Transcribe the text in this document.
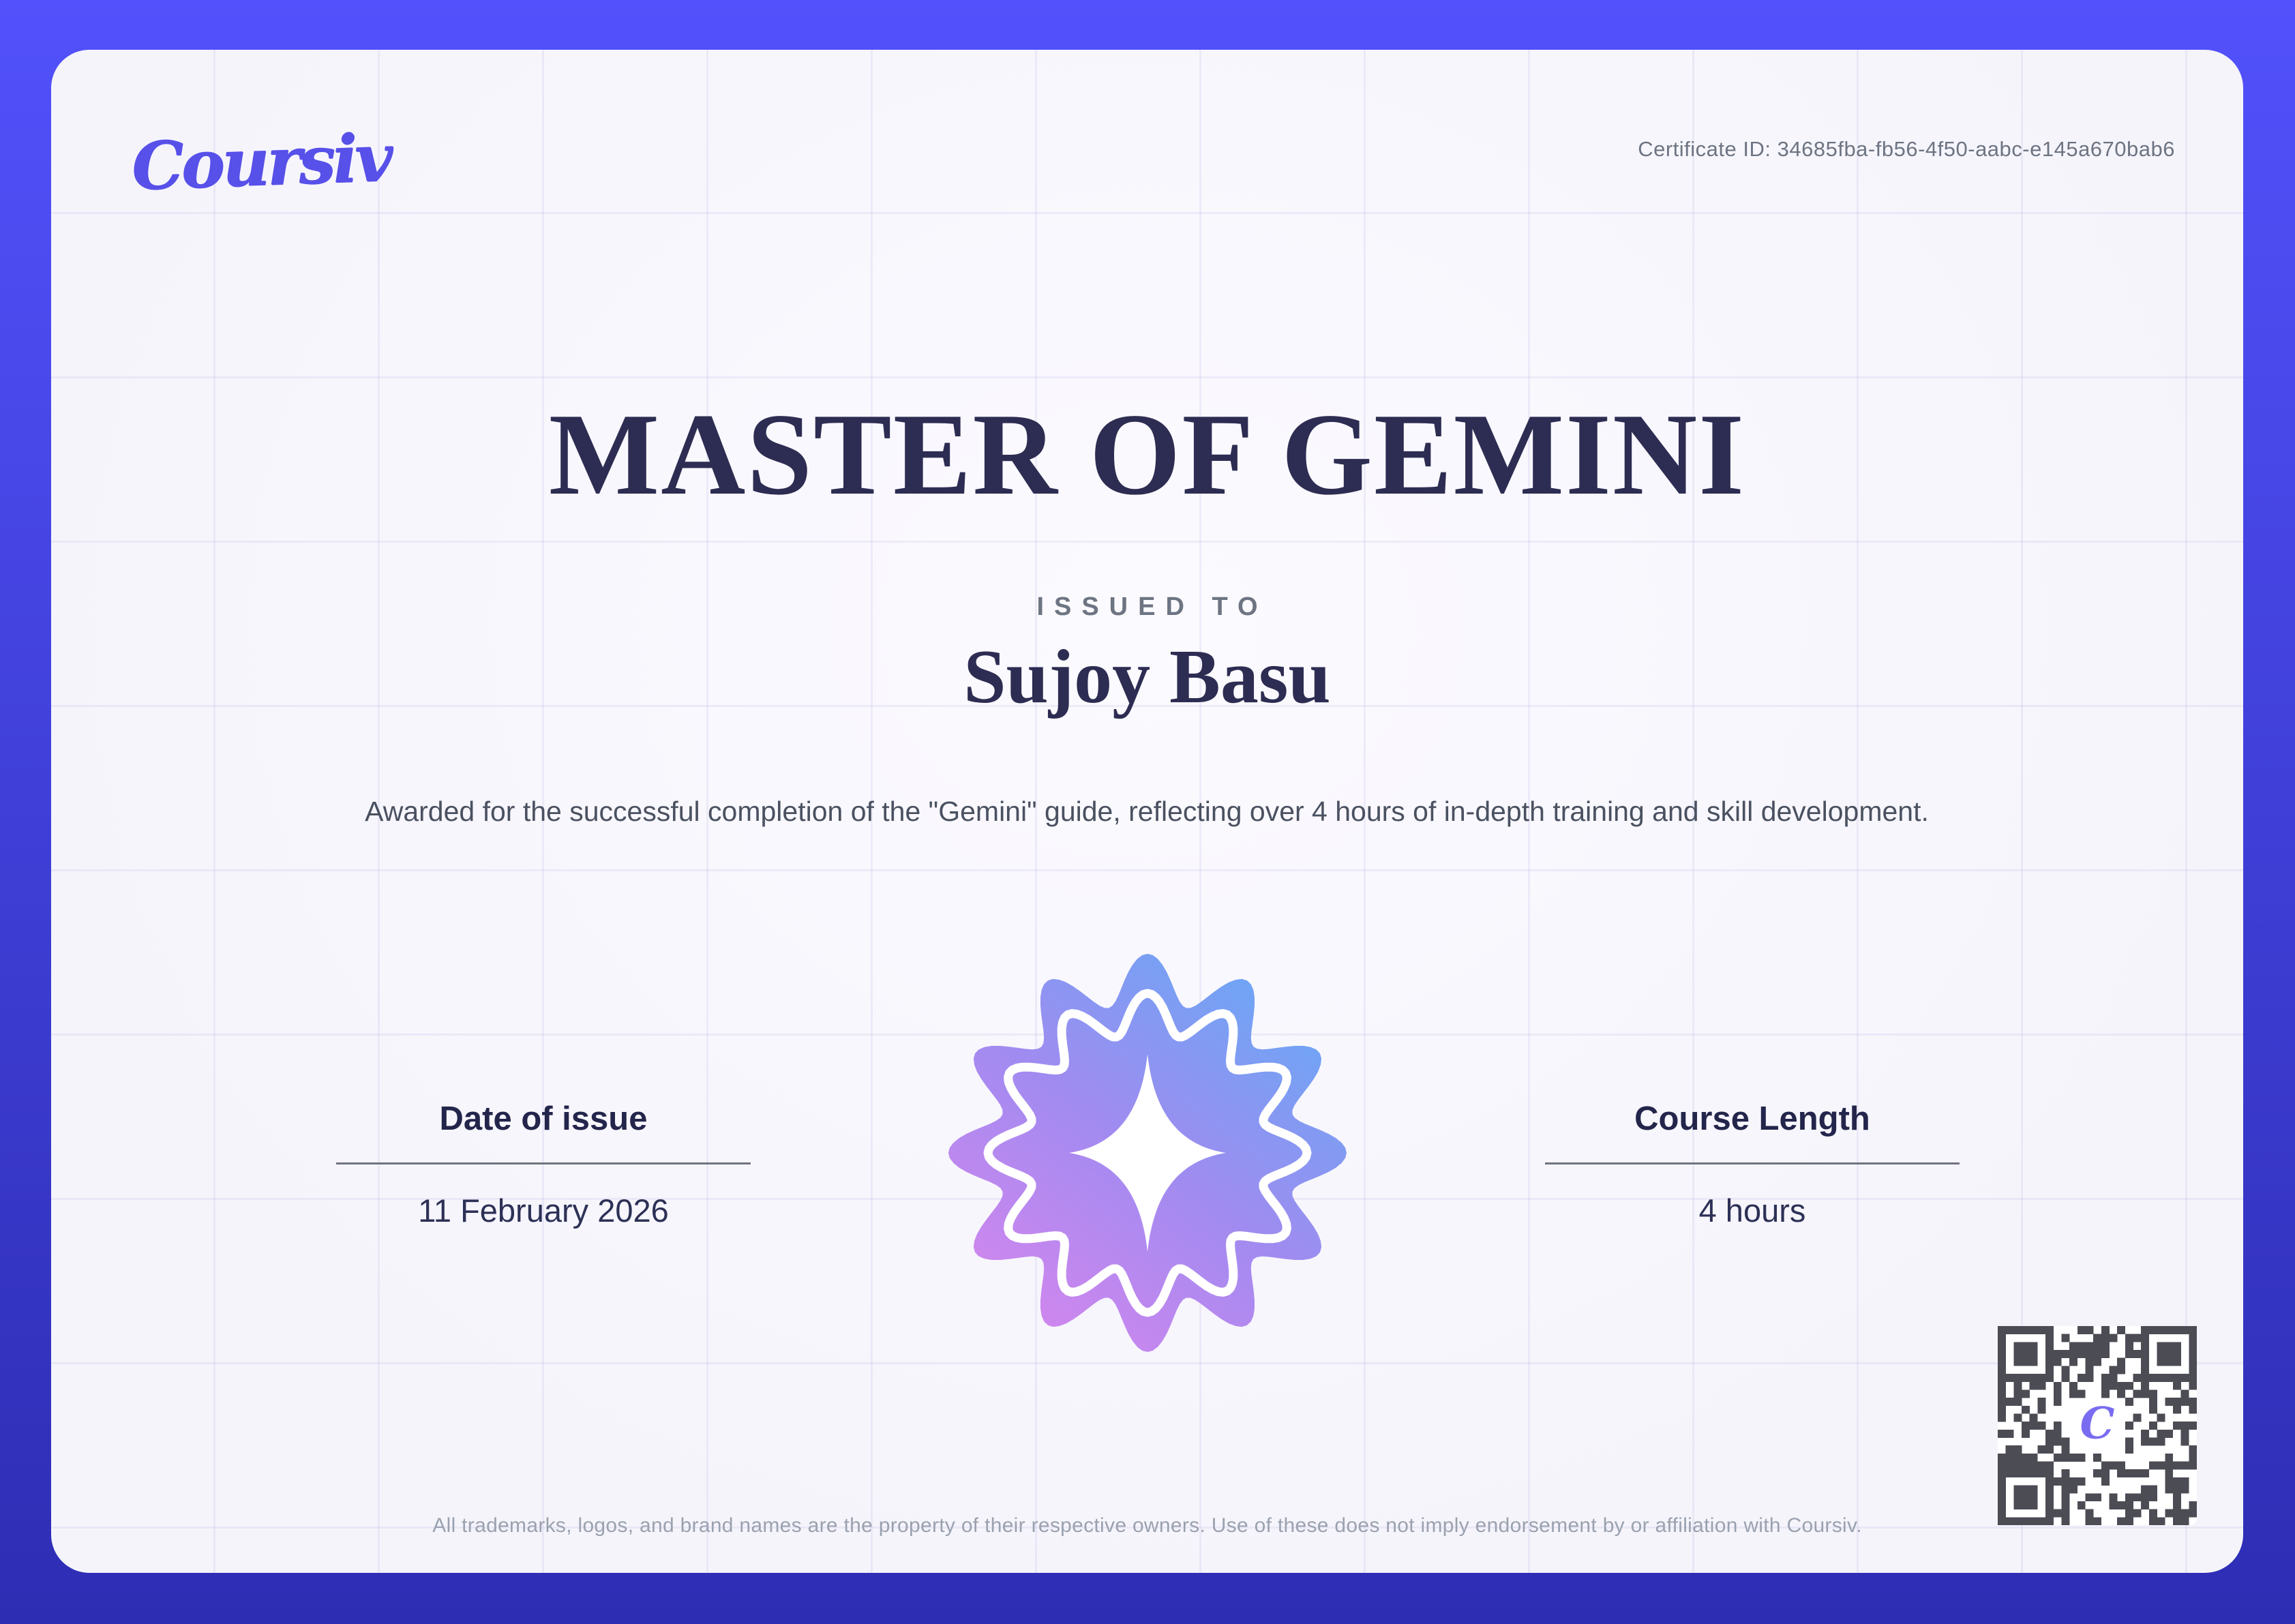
Coursiv	Certificate ID: 34685fba-fb56-4f50-aabc-e145a670bab6
MASTER OF GEMINI
ISSUED TO
Sujoy Basu

Awarded for the successful completion of the "Gemini" guide, reflecting over 4 hours of in-depth training and skill development.

Date of issue
11 February 2026
Course Length
4 hours
C
All trademarks, logos, and brand names are the property of their respective owners. Use of these does not imply endorsement by or affiliation with Coursiv.
